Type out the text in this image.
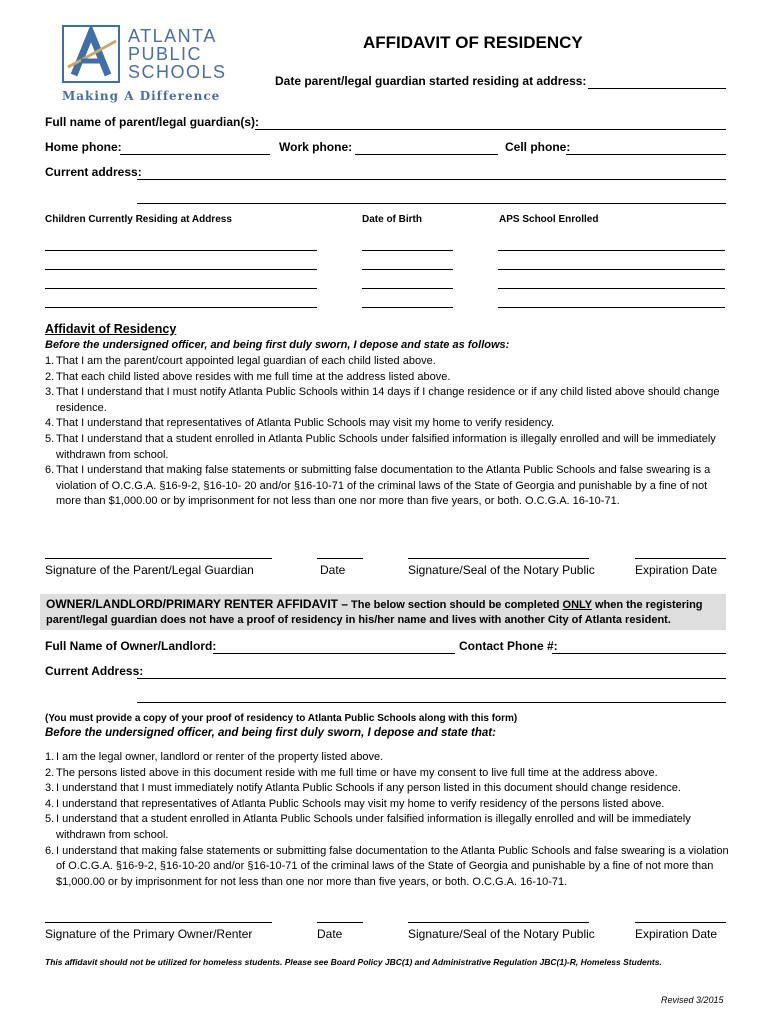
ATLANTA
PUBLIC
SCHOOLS
Making A Difference
AFFIDAVIT OF RESIDENCY
Date parent/legal guardian started residing at address:
Full name of parent/legal guardian(s):
Home phone:	Work phone:	Cell phone:
Current address:
Children Currently Residing at Address	Date of Birth	APS School Enrolled
Affidavit of Residency
Before the undersigned officer, and being first duly sworn, I depose and state as follows:
1. That I am the parent/court appointed legal guardian of each child listed above.
2. That each child listed above resides with me full time at the address listed above.
3. That I understand that I must notify Atlanta Public Schools within 14 days if I change residence or if any child listed above should change residence.
4. That I understand that representatives of Atlanta Public Schools may visit my home to verify residency.
5. That I understand that a student enrolled in Atlanta Public Schools under falsified information is illegally enrolled and will be immediately withdrawn from school.
6. That I understand that making false statements or submitting false documentation to the Atlanta Public Schools and false swearing is a violation of O.C.G.A. §16-9-2, §16-10- 20 and/or §16-10-71 of the criminal laws of the State of Georgia and punishable by a fine of not more than $1,000.00 or by imprisonment for not less than one nor more than five years, or both. O.C.G.A. 16-10-71.
Signature of the Parent/Legal Guardian	Date	Signature/Seal of the Notary Public	Expiration Date
OWNER/LANDLORD/PRIMARY RENTER AFFIDAVIT – The below section should be completed ONLY when the registering parent/legal guardian does not have a proof of residency in his/her name and lives with another City of Atlanta resident.
Full Name of Owner/Landlord:	Contact Phone #:
Current Address:
(You must provide a copy of your proof of residency to Atlanta Public Schools along with this form)
Before the undersigned officer, and being first duly sworn, I depose and state that:
1. I am the legal owner, landlord or renter of the property listed above.
2. The persons listed above in this document reside with me full time or have my consent to live full time at the address above.
3. I understand that I must immediately notify Atlanta Public Schools if any person listed in this document should change residence.
4. I understand that representatives of Atlanta Public Schools may visit my home to verify residency of the persons listed above.
5. I understand that a student enrolled in Atlanta Public Schools under falsified information is illegally enrolled and will be immediately withdrawn from school.
6. I understand that making false statements or submitting false documentation to the Atlanta Public Schools and false swearing is a violation of O.C.G.A. §16-9-2, §16-10-20 and/or §16-10-71 of the criminal laws of the State of Georgia and punishable by a fine of not more than $1,000.00 or by imprisonment for not less than one nor more than five years, or both. O.C.G.A. 16-10-71.
Signature of the Primary Owner/Renter	Date	Signature/Seal of the Notary Public	Expiration Date
This affidavit should not be utilized for homeless students. Please see Board Policy JBC(1) and Administrative Regulation JBC(1)-R, Homeless Students.
Revised 3/2015
